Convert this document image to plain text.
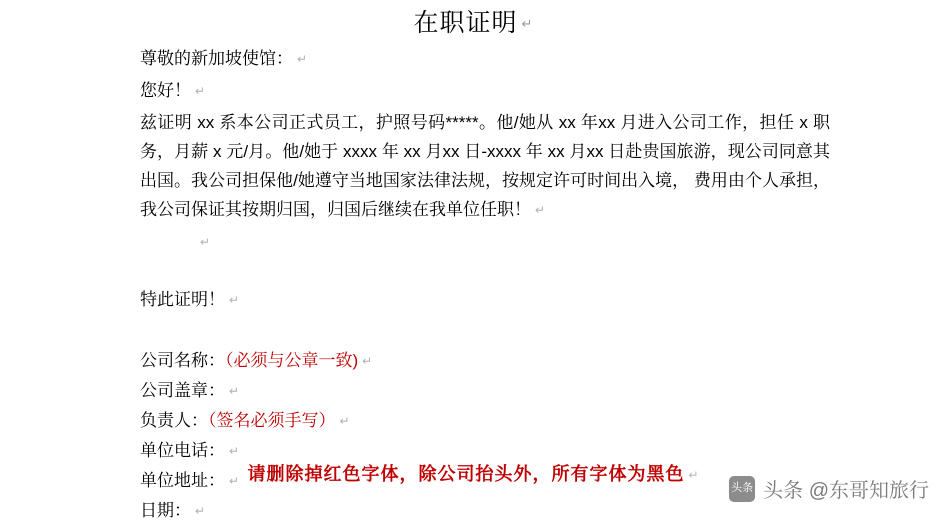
在职证明 ↵

尊敬的新加坡使馆： ↵

您好！ ↵

兹证明 xx 系本公司正式员工，护照号码*****。他/她从 xx 年xx 月进入公司工作，担任 x 职务，月薪 x 元/月。他/她于 xxxx 年 xx 月xx 日-xxxx 年 xx 月xx 日赴贵国旅游，现公司同意其出国。我公司担保他/她遵守当地国家法律法规，按规定许可时间出入境， 费用由个人承担，我公司保证其按期归国，归国后继续在我单位任职！ ↵

↵

特此证明！ ↵

公司名称：（必须与公章一致) ↵

公司盖章： ↵

负责人：（签名必须手写） ↵

单位电话： ↵

单位地址： ↵

日期： ↵

请删除掉红色字体，除公司抬头外，所有字体为黑色 ↵
头条 头条 @东哥知旅行
